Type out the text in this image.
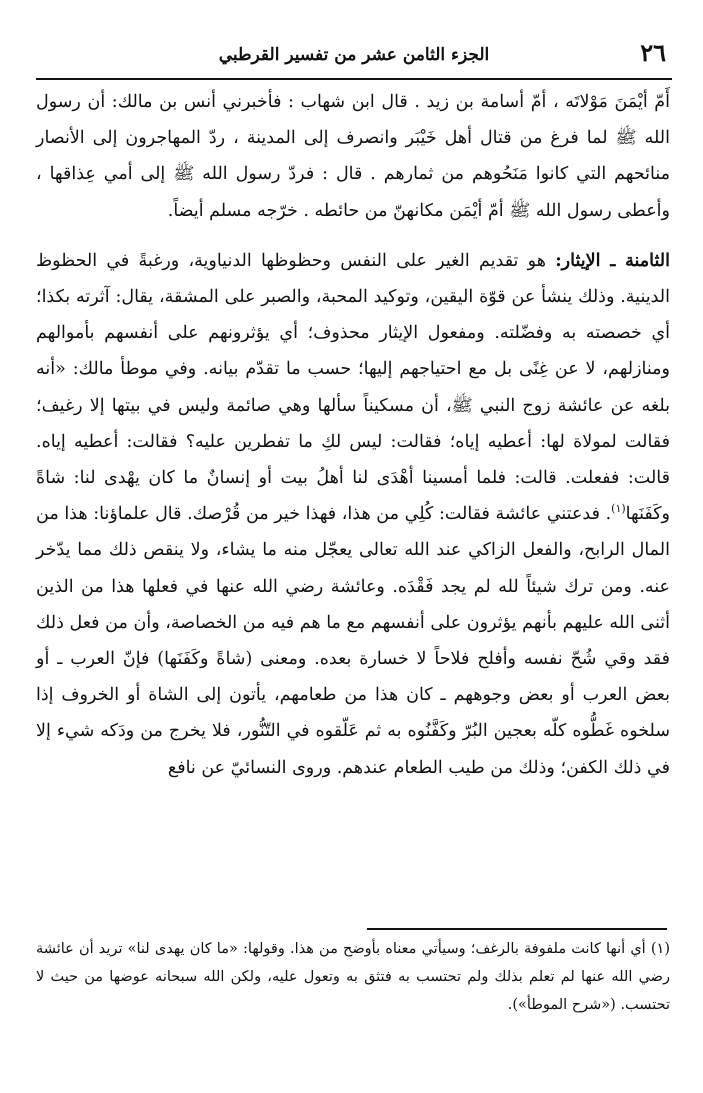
٢٦
الجزء الثامن عشر من تفسير القرطبي

أَمّ أيْمَنَ مَوْلاتَه ، أمّ أسامة بن زيد . قال ابن شهاب : فأخبرني أنس بن مالك: أن رسول الله ﷺ لما فرغ من قتال أهل خَيْبَر وانصرف إلى المدينة ، ردّ المهاجرون إلى الأنصار منائحهم التي كانوا مَنَحُوهم من ثمارهم . قال : فردّ رسول الله ﷺ إلى أمي عِذاقها ، وأعطى رسول الله ﷺ أمّ أيْمَن مكانهنّ من حائطه . خرّجه مسلم أيضاً.

الثامنة ـ الإيثار: هو تقديم الغير على النفس وحظوظها الدنياوية، ورغبةً في الحظوظ الدينية. وذلك ينشأ عن قوّة اليقين، وتوكيد المحبة، والصبر على المشقة، يقال: آثرته بكذا؛ أي خصصته به وفضّلته. ومفعول الإيثار محذوف؛ أي يؤثرونهم على أنفسهم بأموالهم ومنازلهم، لا عن غِنًى بل مع احتياجهم إليها؛ حسب ما تقدّم بيانه. وفي موطأ مالك: «أنه بلغه عن عائشة زوج النبي ﷺ، أن مسكيناً سألها وهي صائمة وليس في بيتها إلا رغيف؛ فقالت لمولاة لها: أعطيه إياه؛ فقالت: ليس لكِ ما تفطرين عليه؟ فقالت: أعطيه إياه. قالت: ففعلت. قالت: فلما أمسينا أهْدَى لنا أهلُ بيت أو إنسانٌ ما كان يهْدى لنا: شاةً وكَفَنَها$^{(١)}$. فدعتني عائشة فقالت: كُلِي من هذا، فهذا خير من قُرْصك. قال علماؤنا: هذا من المال الرابح، والفعل الزاكي عند الله تعالى يعجّل منه ما يشاء، ولا ينقص ذلك مما يدّخر عنه. ومن ترك شيئاً لله لم يجد فَقْدَه. وعائشة رضي الله عنها في فعلها هذا من الذين أثنى الله عليهم بأنهم يؤثرون على أنفسهم مع ما هم فيه من الخصاصة، وأن من فعل ذلك فقد وقي شُحّ نفسه وأفلح فلاحاً لا خسارة بعده. ومعنى (شاةً وكَفَنَها) فإنّ العرب ـ أو بعض العرب أو بعض وجوههم ـ كان هذا من طعامهم، يأتون إلى الشاة أو الخروف إذا سلخوه غَطُّوه كلّه بعجين البُرّ وكَفَّنُوه به ثم عَلّقوه في التّنُّور، فلا يخرج من ودَكه شيء إلا في ذلك الكفن؛ وذلك من طيب الطعام عندهم. وروى النسائيّ عن نافع

(١) أي أنها كانت ملفوفة بالرغف؛ وسيأتي معناه بأوضح من هذا. وقولها: «ما كان يهدى لنا» تريد أن عائشة رضي الله عنها لم تعلم بذلك ولم تحتسب به فتثق به وتعول عليه، ولكن الله سبحانه عوضها من حيث لا تحتسب. («شرح الموطأ»).
